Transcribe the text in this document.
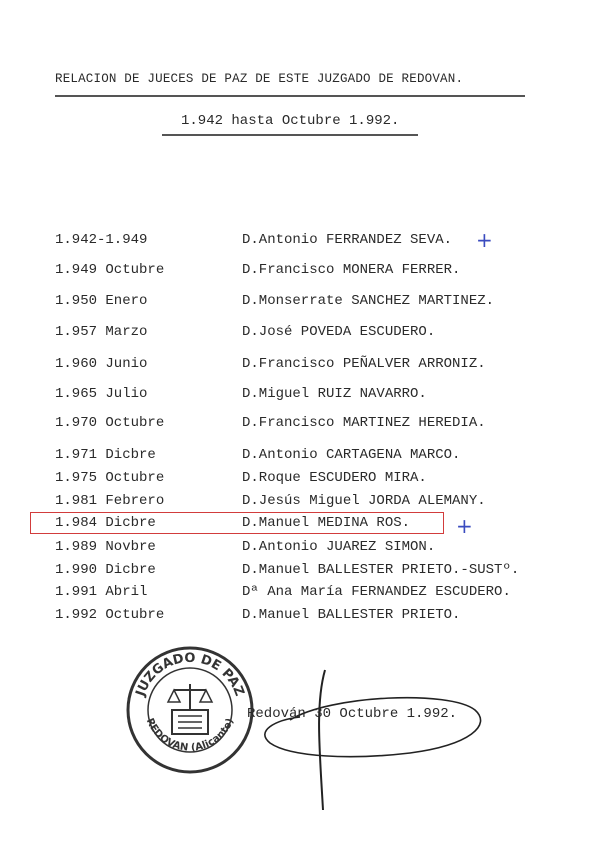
RELACION DE JUECES DE PAZ DE ESTE JUZGADO DE REDOVAN.
1.942 hasta Octubre 1.992.
1.942-1.949	D.Antonio FERRANDEZ SEVA.
1.949 Octubre	D.Francisco MONERA FERRER.
1.950 Enero	D.Monserrate SANCHEZ MARTINEZ.
1.957 Marzo	D.José POVEDA ESCUDERO.
1.960 Junio	D.Francisco PEÑALVER ARRONIZ.
1.965 Julio	D.Miguel RUIZ NAVARRO.
1.970 Octubre	D.Francisco MARTINEZ HEREDIA.
1.971 Dicbre	D.Antonio CARTAGENA MARCO.
1.975 Octubre	D.Roque ESCUDERO MIRA.
1.981 Febrero	D.Jesús Miguel JORDA ALEMANY.
1.984 Dicbre	D.Manuel MEDINA ROS.
1.989 Novbre	D.Antonio JUAREZ SIMON.
1.990 Dicbre	D.Manuel BALLESTER PRIETO.-SUSTº.
1.991 Abril	Dª Ana María FERNANDEZ ESCUDERO.
1.992 Octubre	D.Manuel BALLESTER PRIETO.
+
+
JUZGADO DE PAZ
REDOVAN (Alicante) Redován 30 Octubre 1.992.
